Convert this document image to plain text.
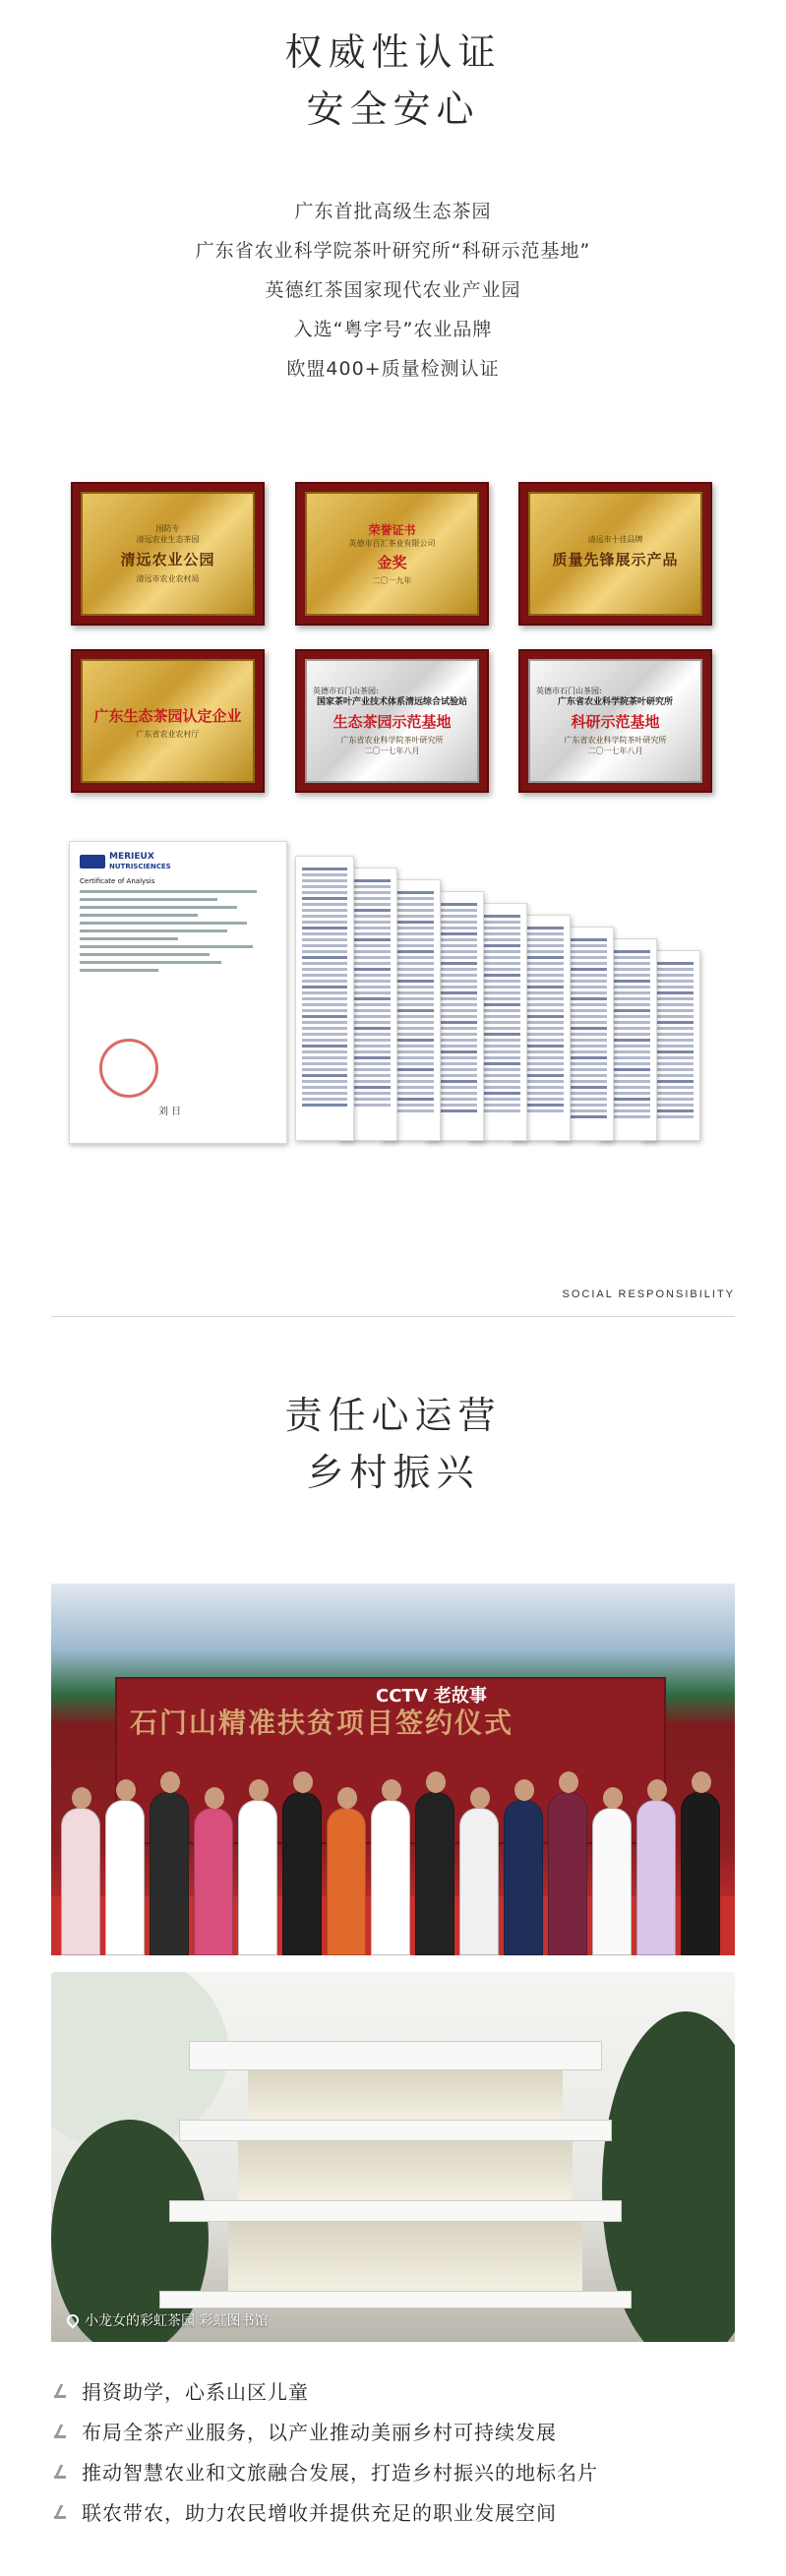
权威性认证
安全安心
广东首批高级生态茶园
广东省农业科学院茶叶研究所“科研示范基地”
英德红茶国家现代农业产业园
入选“粤字号”农业品牌
欧盟400+质量检测认证
国防专
清远农业生态茶园
清远农业公园
清远市农业农村局
荣誉证书
英德市百汇茶业有限公司
金奖
二〇一九年
清远市十佳品牌
质量先锋展示产品
广东生态茶园认定企业
广东省农业农村厅
英德市石门山茶园:
国家茶叶产业技术体系清远综合试验站
生态茶园示范基地
广东省农业科学院茶叶研究所
二〇一七年八月
英德市石门山茶园:
广东省农业科学院茶叶研究所
科研示范基地
广东省农业科学院茶叶研究所
二〇一七年八月
MERIEUX
NUTRISCIENCES
Certificate of Analysis
刘 日
SOCIAL RESPONSIBILITY
责任心运营
乡村振兴
CCTV 老故事
石门山精准扶贫项目签约仪式
小龙女的彩虹茶园 彩虹图书馆
捐资助学，心系山区儿童
布局全茶产业服务，以产业推动美丽乡村可持续发展
推动智慧农业和文旅融合发展，打造乡村振兴的地标名片
联农带农，助力农民增收并提供充足的职业发展空间
